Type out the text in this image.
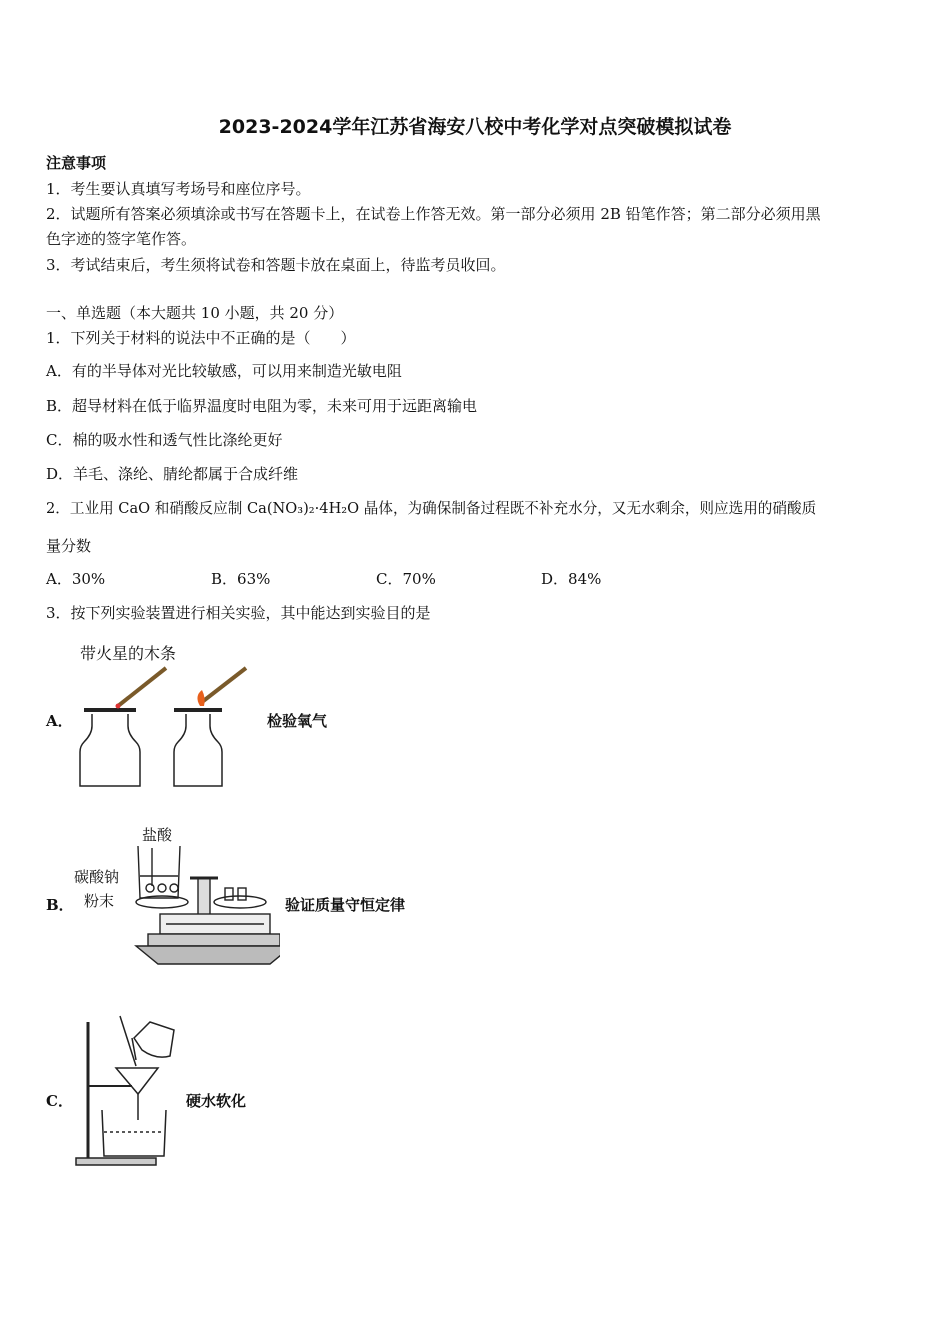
2023-2024学年江苏省海安八校中考化学对点突破模拟试卷
注意事项
1．考生要认真填写考场号和座位序号。
2．试题所有答案必须填涂或书写在答题卡上，在试卷上作答无效。第一部分必须用 2B 铅笔作答；第二部分必须用黑
色字迹的签字笔作答。
3．考试结束后，考生须将试卷和答题卡放在桌面上，待监考员收回。
一、单选题（本大题共 10 小题，共 20 分）
1．下列关于材料的说法中不正确的是（　　）
A．有的半导体对光比较敏感，可以用来制造光敏电阻
B．超导材料在低于临界温度时电阻为零，未来可用于远距离输电
C．棉的吸水性和透气性比涤纶更好
D．羊毛、涤纶、腈纶都属于合成纤维
2．工业用 CaO 和硝酸反应制 Ca(NO₃)₂·4H₂O 晶体，为确保制备过程既不补充水分，又无水剩余，则应选用的硝酸质
量分数
A．30%	B．63%	C．70%	D．84%
3．按下列实验装置进行相关实验，其中能达到实验目的是
A．
带火星的木条
检验氧气
B．
盐酸
碳酸钠
粉末	验证质量守恒定律
C．	硬水软化
